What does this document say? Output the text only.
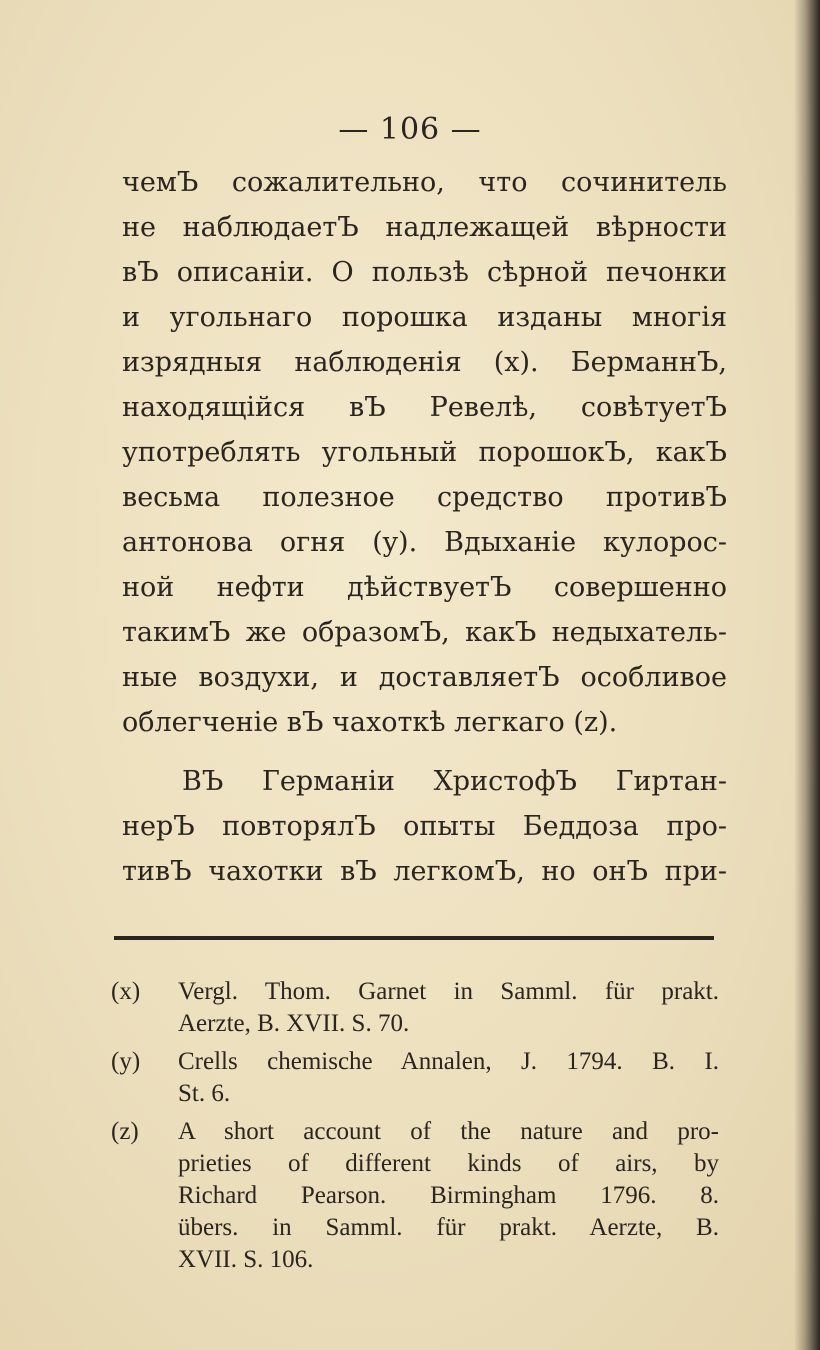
— 106 —
чемЪ сожалительно, что сочинитель
не наблюдаетЪ надлежащей вѣрности
вЪ описаніи. О пользѣ сѣрной печонки
и угольнаго порошка изданы многія
изрядныя наблюденія (x). БерманнЪ,
находящійся вЪ Ревелѣ, совѣтуетЪ
употреблять угольный порошокЪ, какЪ
весьма полезное средство противЪ
антонова огня (y). Вдыханіе кулорос-
ной нефти дѣйствуетЪ совершенно
такимЪ же образомЪ, какЪ недыхатель-
ные воздухи, и доставляетЪ особливое
облегченіе вЪ чахоткѣ легкаго (z).
ВЪ Германіи ХристофЪ Гиртан-
нерЪ повторялЪ опыты Беддоза про-
тивЪ чахотки вЪ легкомЪ, но онЪ при-
(x)	Vergl. Thom. Garnet in Samml. für prakt.
Aerzte, B. XVII. S. 70.
(y)	Crells chemische Annalen, J. 1794. B. I.
St. 6.
(z)	A short account of the nature and pro-
prieties of different kinds of airs, by
Richard Pearson. Birmingham 1796. 8.
übers. in Samml. für prakt. Aerzte, B.
XVII. S. 106.
